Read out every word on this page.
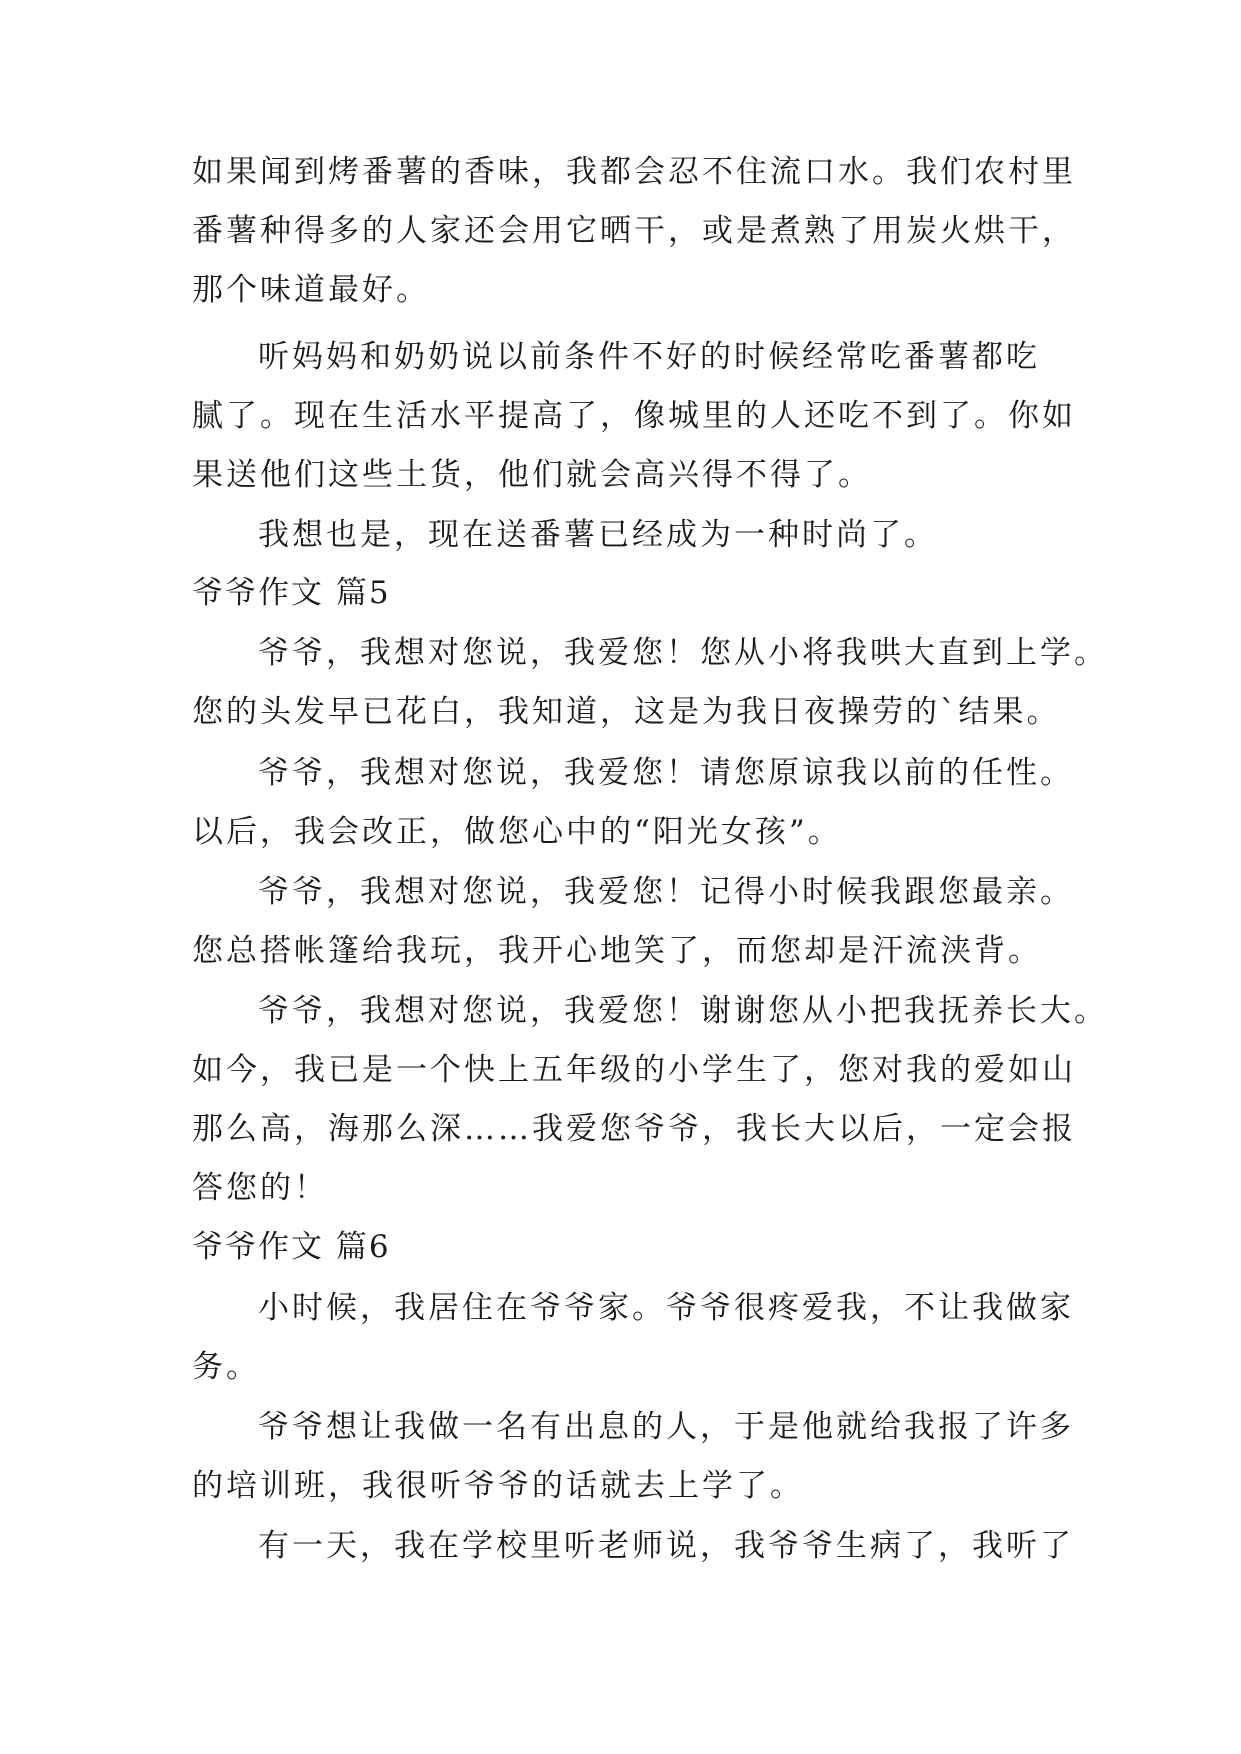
如果闻到烤番薯的香味，我都会忍不住流口水。我们农村里
番薯种得多的人家还会用它晒干，或是煮熟了用炭火烘干，
那个味道最好。
听妈妈和奶奶说以前条件不好的时候经常吃番薯都吃
腻了。现在生活水平提高了，像城里的人还吃不到了。你如
果送他们这些土货，他们就会高兴得不得了。
我想也是，现在送番薯已经成为一种时尚了。
爷爷作文 篇5
爷爷，我想对您说，我爱您！您从小将我哄大直到上学。
您的头发早已花白，我知道，这是为我日夜操劳的`结果。
爷爷，我想对您说，我爱您！请您原谅我以前的任性。
以后，我会改正，做您心中的“阳光女孩”。
爷爷，我想对您说，我爱您！记得小时候我跟您最亲。
您总搭帐篷给我玩，我开心地笑了，而您却是汗流浃背。
爷爷，我想对您说，我爱您！谢谢您从小把我抚养长大。
如今，我已是一个快上五年级的小学生了，您对我的爱如山
那么高，海那么深……我爱您爷爷，我长大以后，一定会报
答您的！
爷爷作文 篇6
小时候，我居住在爷爷家。爷爷很疼爱我，不让我做家
务。
爷爷想让我做一名有出息的人，于是他就给我报了许多
的培训班，我很听爷爷的话就去上学了。
有一天，我在学校里听老师说，我爷爷生病了，我听了
